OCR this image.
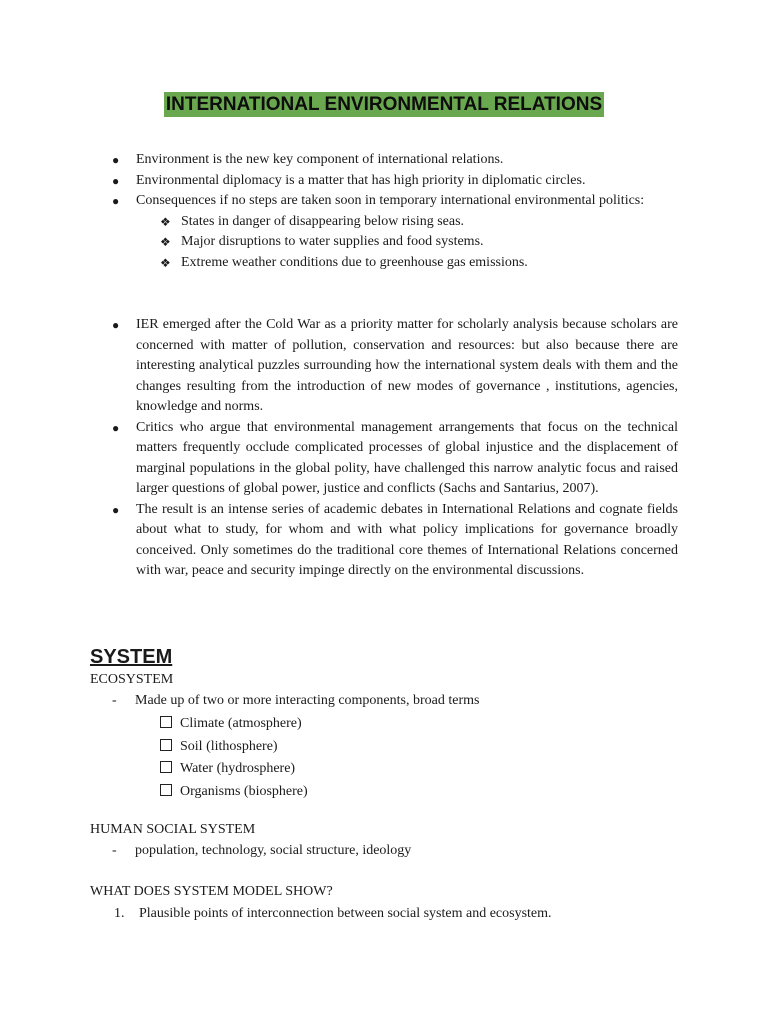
INTERNATIONAL ENVIRONMENTAL RELATIONS
● Environment is the new key component of international relations.
● Environmental diplomacy is a matter that has high priority in diplomatic circles.
● Consequences if no steps are taken soon in temporary international environmental politics:
❖ States in danger of disappearing below rising seas.
❖ Major disruptions to water supplies and food systems.
❖ Extreme weather conditions due to greenhouse gas emissions.
● IER emerged after the Cold War as a priority matter for scholarly analysis because scholars are concerned with matter of pollution, conservation and resources: but also because there are interesting analytical puzzles surrounding how the international system deals with them and the changes resulting from the introduction of new modes of governance , institutions, agencies, knowledge and norms.
● Critics who argue that environmental management arrangements that focus on the technical matters frequently occlude complicated processes of global injustice and the displacement of marginal populations in the global polity, have challenged this narrow analytic focus and raised larger questions of global power, justice and conflicts (Sachs and Santarius, 2007).
● The result is an intense series of academic debates in International Relations and cognate fields about what to study, for whom and with what policy implications for governance broadly conceived. Only sometimes do the traditional core themes of International Relations concerned with war, peace and security impinge directly on the environmental discussions.
SYSTEM
ECOSYSTEM
- Made up of two or more interacting components, broad terms
Climate (atmosphere)
Soil (lithosphere)
Water (hydrosphere)
Organisms (biosphere)
HUMAN SOCIAL SYSTEM
- population, technology, social structure, ideology
WHAT DOES SYSTEM MODEL SHOW?
1. Plausible points of interconnection between social system and ecosystem.
